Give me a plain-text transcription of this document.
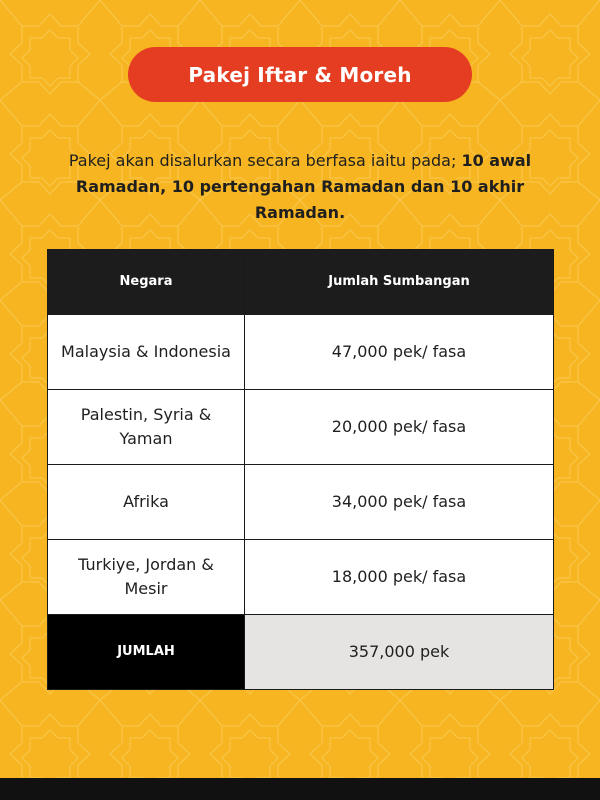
Pakej Iftar & Moreh
Pakej akan disalurkan secara berfasa iaitu pada; 10 awal Ramadan, 10 pertengahan Ramadan dan 10 akhir Ramadan.
Negara	Jumlah Sumbangan
Malaysia & Indonesia	47,000 pek/ fasa
Palestin, Syria & Yaman	20,000 pek/ fasa
Afrika	34,000 pek/ fasa
Turkiye, Jordan & Mesir	18,000 pek/ fasa
JUMLAH	357,000 pek
